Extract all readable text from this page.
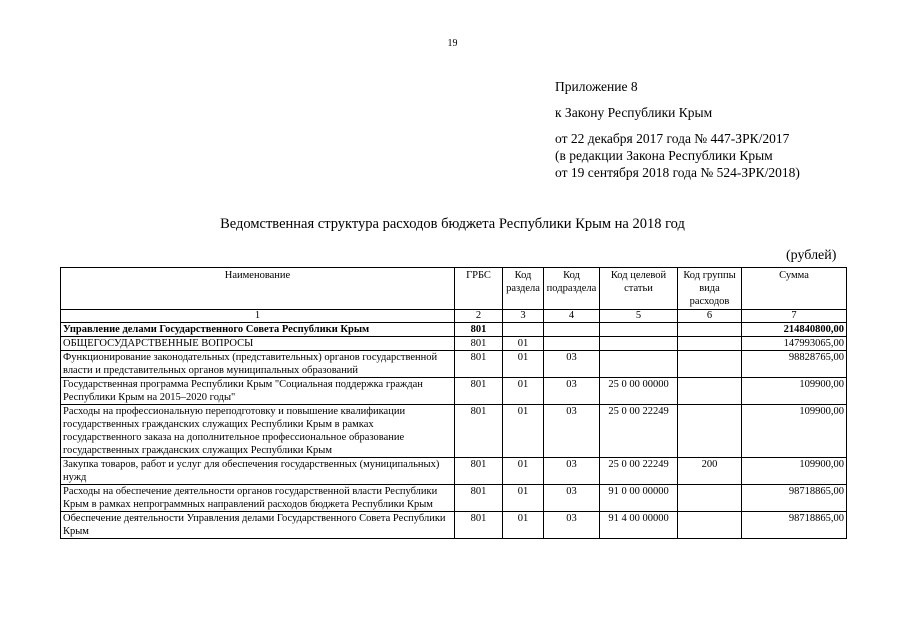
19
Приложение 8
к Закону Республики Крым
от 22 декабря 2017 года № 447-ЗРК/2017
(в редакции Закона Республики Крым
от 19 сентября 2018 года № 524-ЗРК/2018)
Ведомственная структура расходов бюджета Республики Крым на 2018 год
(рублей)
Наименование	ГРБС	Код раздела	Код подраздела	Код целевой статьи	Код группы вида расходов	Сумма
1	2	3	4	5	6	7
Управление делами Государственного Совета Республики Крым	801					214840800,00
ОБЩЕГОСУДАРСТВЕННЫЕ ВОПРОСЫ	801	01				147993065,00
Функционирование законодательных (представительных) органов государственной власти и представительных органов муниципальных образований	801	01	03			98828765,00
Государственная программа Республики Крым "Социальная поддержка граждан Республики Крым на 2015–2020 годы"	801	01	03	25 0 00 00000		109900,00
Расходы на профессиональную переподготовку и повышение квалификации государственных гражданских служащих Республики Крым в рамках государственного заказа на дополнительное профессиональное образование государственных гражданских служащих Республики Крым	801	01	03	25 0 00 22249		109900,00
Закупка товаров, работ и услуг для обеспечения государственных (муниципальных) нужд	801	01	03	25 0 00 22249	200	109900,00
Расходы на обеспечение деятельности органов государственной власти Республики Крым в рамках непрограммных направлений расходов бюджета Республики Крым	801	01	03	91 0 00 00000		98718865,00
Обеспечение деятельности Управления делами Государственного Совета Республики Крым	801	01	03	91 4 00 00000		98718865,00
